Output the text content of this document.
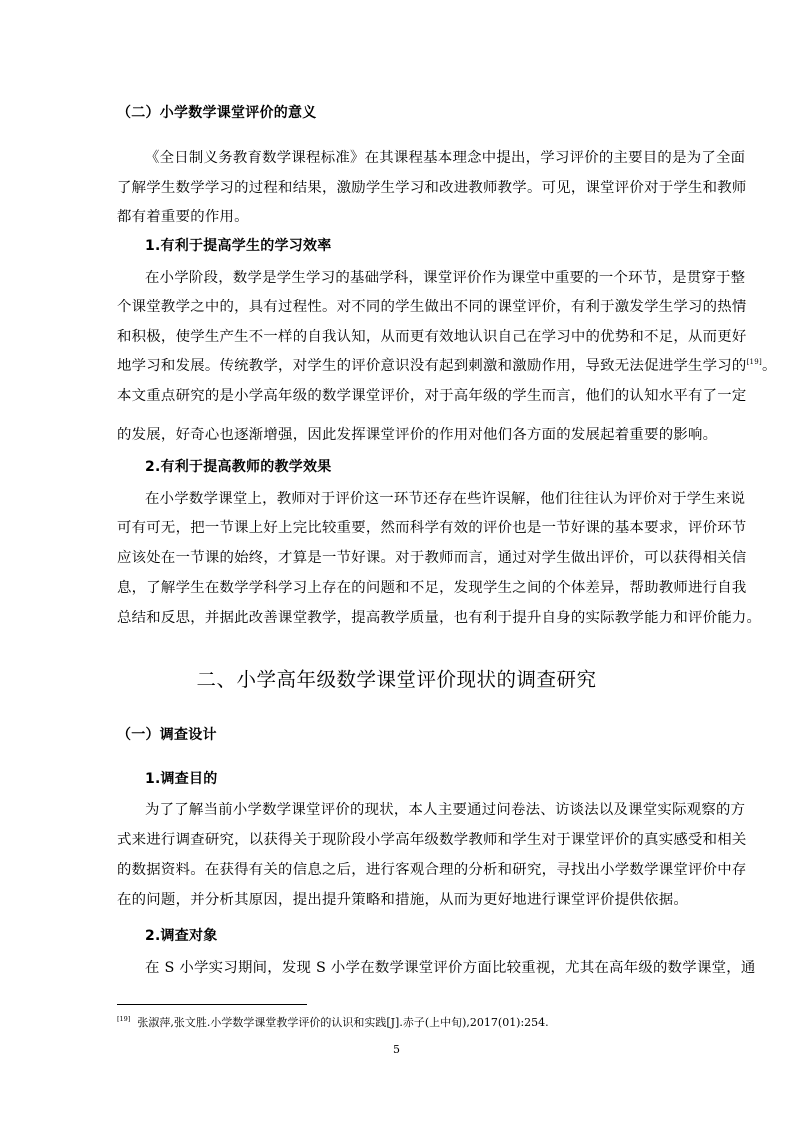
（二）小学数学课堂评价的意义
《全日制义务教育数学课程标准》在其课程基本理念中提出，学习评价的主要目的是为了全面
了解学生数学学习的过程和结果，激励学生学习和改进教师教学。可见，课堂评价对于学生和教师
都有着重要的作用。
1.有利于提高学生的学习效率
在小学阶段，数学是学生学习的基础学科，课堂评价作为课堂中重要的一个环节，是贯穿于整
个课堂教学之中的，具有过程性。对不同的学生做出不同的课堂评价，有利于激发学生学习的热情
和积极，使学生产生不一样的自我认知，从而更有效地认识自己在学习中的优势和不足，从而更好
地学习和发展。传统教学，对学生的评价意识没有起到刺激和激励作用，导致无法促进学生学习的[19]。
本文重点研究的是小学高年级的数学课堂评价，对于高年级的学生而言，他们的认知水平有了一定
的发展，好奇心也逐渐增强，因此发挥课堂评价的作用对他们各方面的发展起着重要的影响。
2.有利于提高教师的教学效果
在小学数学课堂上，教师对于评价这一环节还存在些许误解，他们往往认为评价对于学生来说
可有可无，把一节课上好上完比较重要，然而科学有效的评价也是一节好课的基本要求，评价环节
应该处在一节课的始终，才算是一节好课。对于教师而言，通过对学生做出评价，可以获得相关信
息，了解学生在数学学科学习上存在的问题和不足，发现学生之间的个体差异，帮助教师进行自我
总结和反思，并据此改善课堂教学，提高教学质量，也有利于提升自身的实际教学能力和评价能力。
二、小学高年级数学课堂评价现状的调查研究
（一）调查设计
1.调查目的
为了了解当前小学数学课堂评价的现状，本人主要通过问卷法、访谈法以及课堂实际观察的方
式来进行调查研究，以获得关于现阶段小学高年级数学教师和学生对于课堂评价的真实感受和相关
的数据资料。在获得有关的信息之后，进行客观合理的分析和研究，寻找出小学数学课堂评价中存
在的问题，并分析其原因，提出提升策略和措施，从而为更好地进行课堂评价提供依据。
2.调查对象
在 S 小学实习期间，发现 S 小学在数学课堂评价方面比较重视，尤其在高年级的数学课堂，通
[19] 张淑萍,张文胜.小学数学课堂教学评价的认识和实践[J].赤子(上中旬),2017(01):254.
5
